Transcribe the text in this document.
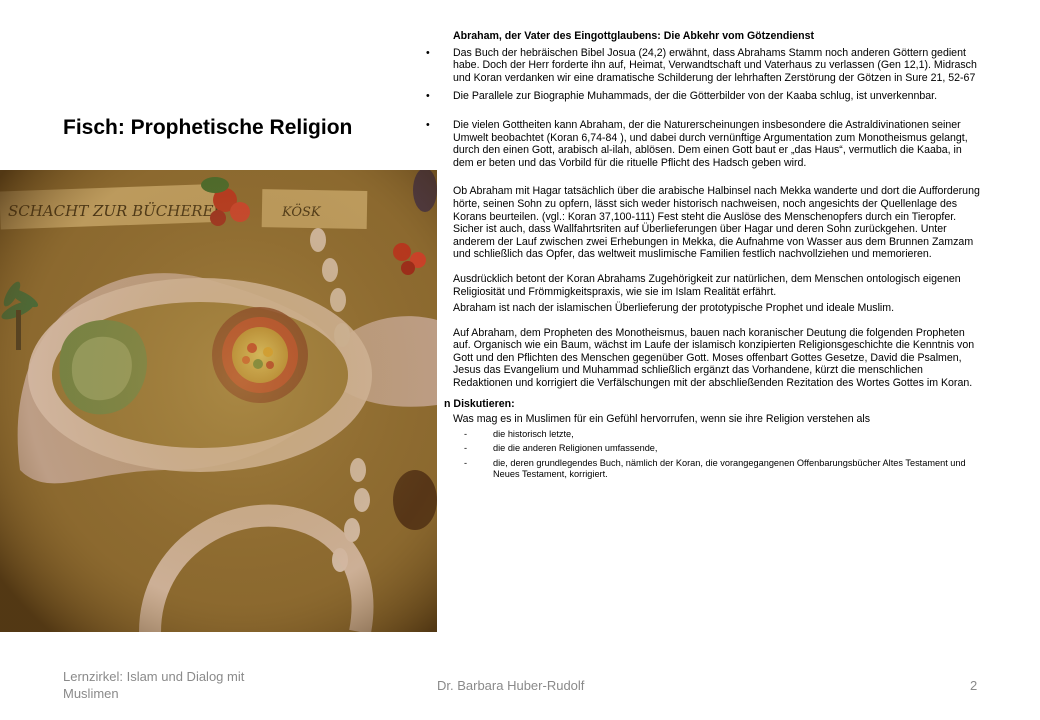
Fisch: Prophetische Religion

Abraham, der Vater des Eingottglaubens: Die Abkehr vom Götzendienst

• Das Buch der hebräischen Bibel Josua (24,2) erwähnt, dass Abrahams Stamm noch anderen Göttern gedient habe. Doch der Herr forderte ihn auf, Heimat, Verwandtschaft und Vaterhaus zu verlassen (Gen 12,1). Midrasch und Koran verdanken wir eine dramatische Schilderung der lehrhaften Zerstörung der Götzen in Sure 21, 52-67

• Die Parallele zur Biographie Muhammads, der die Götterbilder von der Kaaba schlug, ist unverkennbar.

• Die vielen Gottheiten kann Abraham, der die Naturerscheinungen insbesondere die Astraldivinationen seiner Umwelt beobachtet (Koran 6,74-84 ), und dabei durch vernünftige Argumentation zum Monotheismus gelangt, durch den einen Gott, arabisch al-ilah, ablösen. Dem einen Gott baut er „das Haus“, vermutlich die Kaaba, in dem er beten und das Vorbild für die rituelle Pflicht des Hadsch geben wird.

Ob Abraham mit Hagar tatsächlich über die arabische Halbinsel nach Mekka wanderte und dort die Aufforderung hörte, seinen Sohn zu opfern, lässt sich weder historisch nachweisen, noch angesichts der Quellenlage des Korans beurteilen. (vgl.: Koran 37,100-111) Fest steht die Auslöse des Menschenopfers durch ein Tieropfer. Sicher ist auch, dass Wallfahrtsriten auf Überlieferungen über Hagar und deren Sohn zurückgehen. Unter anderem der Lauf zwischen zwei Erhebungen in Mekka, die Aufnahme von Wasser aus dem Brunnen Zamzam und schließlich das Opfer, das weltweit muslimische Familien festlich nachvollziehen und memorieren.

Ausdrücklich betont der Koran Abrahams Zugehörigkeit zur natürlichen, dem Menschen ontologisch eigenen Religiosität und Frömmigkeitspraxis, wie sie im Islam Realität erfährt.

Abraham ist nach der islamischen Überlieferung der prototypische Prophet und ideale Muslim.

Auf Abraham, dem Propheten des Monotheismus, bauen nach koranischer Deutung die folgenden Propheten auf. Organisch wie ein Baum, wächst im Laufe der islamisch konzipierten Religionsgeschichte die Kenntnis von Gott und den Pflichten des Menschen gegenüber Gott. Moses offenbart Gottes Gesetze, David die Psalmen, Jesus das Evangelium und Muhammad schließlich ergänzt das Vorhandene, kürzt die menschlichen Redaktionen und korrigiert die Verfälschungen mit der abschließenden Rezitation des Wortes Gottes im Koran.

n Diskutieren:

Was mag es in Muslimen für ein Gefühl hervorrufen, wenn sie ihre Religion verstehen als

- die historisch letzte,
- die die anderen Religionen umfassende,
- die, deren grundlegendes Buch, nämlich der Koran, die vorangegangenen Offenbarungsbücher Altes Testament und Neues Testament, korrigiert.
Lernzirkel: Islam und Dialog mit Muslimen
Dr. Barbara Huber-Rudolf	2
